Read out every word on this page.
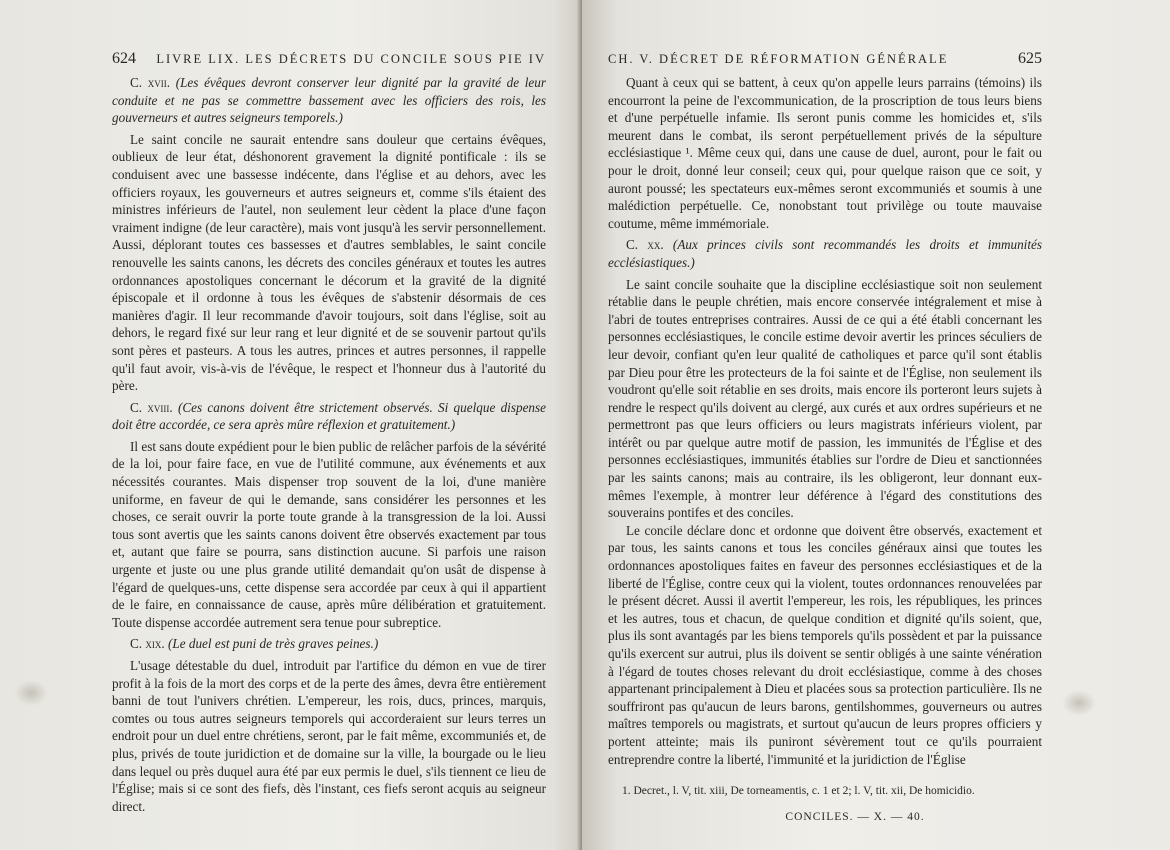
624 LIVRE LIX. LES DÉCRETS DU CONCILE SOUS PIE IV

C. xvii. (Les évêques devront conserver leur dignité par la gravité de leur conduite et ne pas se commettre bassement avec les officiers des rois, les gouverneurs et autres seigneurs temporels.)

Le saint concile ne saurait entendre sans douleur que certains évêques, oublieux de leur état, déshonorent gravement la dignité pontificale : ils se conduisent avec une bassesse indécente, dans l'église et au dehors, avec les officiers royaux, les gouverneurs et autres seigneurs et, comme s'ils étaient des ministres inférieurs de l'autel, non seulement leur cèdent la place d'une façon vraiment indigne (de leur caractère), mais vont jusqu'à les servir personnellement. Aussi, déplorant toutes ces bassesses et d'autres semblables, le saint concile renouvelle les saints canons, les décrets des conciles généraux et toutes les autres ordonnances apostoliques concernant le décorum et la gravité de la dignité épiscopale et il ordonne à tous les évêques de s'abstenir désormais de ces manières d'agir. Il leur recommande d'avoir toujours, soit dans l'église, soit au dehors, le regard fixé sur leur rang et leur dignité et de se souvenir partout qu'ils sont pères et pasteurs. A tous les autres, princes et autres personnes, il rappelle qu'il faut avoir, vis-à-vis de l'évêque, le respect et l'honneur dus à l'autorité du père.

C. xviii. (Ces canons doivent être strictement observés. Si quelque dispense doit être accordée, ce sera après mûre réflexion et gratuitement.)

Il est sans doute expédient pour le bien public de relâcher parfois de la sévérité de la loi, pour faire face, en vue de l'utilité commune, aux événements et aux nécessités courantes. Mais dispenser trop souvent de la loi, d'une manière uniforme, en faveur de qui le demande, sans considérer les personnes et les choses, ce serait ouvrir la porte toute grande à la transgression de la loi. Aussi tous sont avertis que les saints canons doivent être observés exactement par tous et, autant que faire se pourra, sans distinction aucune. Si parfois une raison urgente et juste ou une plus grande utilité demandait qu'on usât de dispense à l'égard de quelques-uns, cette dispense sera accordée par ceux à qui il appartient de le faire, en connaissance de cause, après mûre délibération et gratuitement. Toute dispense accordée autrement sera tenue pour subreptice.

C. xix. (Le duel est puni de très graves peines.)

L'usage détestable du duel, introduit par l'artifice du démon en vue de tirer profit à la fois de la mort des corps et de la perte des âmes, devra être entièrement banni de tout l'univers chrétien. L'empereur, les rois, ducs, princes, marquis, comtes ou tous autres seigneurs temporels qui accorderaient sur leurs terres un endroit pour un duel entre chrétiens, seront, par le fait même, excommuniés et, de plus, privés de toute juridiction et de domaine sur la ville, la bourgade ou le lieu dans lequel ou près duquel aura été par eux permis le duel, s'ils tiennent ce lieu de l'Église; mais si ce sont des fiefs, dès l'instant, ces fiefs seront acquis au seigneur direct.

CH. V. DÉCRET DE RÉFORMATION GÉNÉRALE	625

Quant à ceux qui se battent, à ceux qu'on appelle leurs parrains (témoins) ils encourront la peine de l'excommunication, de la proscription de tous leurs biens et d'une perpétuelle infamie. Ils seront punis comme les homicides et, s'ils meurent dans le combat, ils seront perpétuellement privés de la sépulture ecclésiastique ¹. Même ceux qui, dans une cause de duel, auront, pour le fait ou pour le droit, donné leur conseil; ceux qui, pour quelque raison que ce soit, y auront poussé; les spectateurs eux-mêmes seront excommuniés et soumis à une malédiction perpétuelle. Ce, nonobstant tout privilège ou toute mauvaise coutume, même immémoriale.

C. xx. (Aux princes civils sont recommandés les droits et immunités ecclésiastiques.)

Le saint concile souhaite que la discipline ecclésiastique soit non seulement rétablie dans le peuple chrétien, mais encore conservée intégralement et mise à l'abri de toutes entreprises contraires. Aussi de ce qui a été établi concernant les personnes ecclésiastiques, le concile estime devoir avertir les princes séculiers de leur devoir, confiant qu'en leur qualité de catholiques et parce qu'il sont établis par Dieu pour être les protecteurs de la foi sainte et de l'Église, non seulement ils voudront qu'elle soit rétablie en ses droits, mais encore ils porteront leurs sujets à rendre le respect qu'ils doivent au clergé, aux curés et aux ordres supérieurs et ne permettront pas que leurs officiers ou leurs magistrats inférieurs violent, par intérêt ou par quelque autre motif de passion, les immunités de l'Église et des personnes ecclésiastiques, immunités établies sur l'ordre de Dieu et sanctionnées par les saints canons; mais au contraire, ils les obligeront, leur donnant eux-mêmes l'exemple, à montrer leur déférence à l'égard des constitutions des souverains pontifes et des conciles.

Le concile déclare donc et ordonne que doivent être observés, exactement et par tous, les saints canons et tous les conciles généraux ainsi que toutes les ordonnances apostoliques faites en faveur des personnes ecclésiastiques et de la liberté de l'Église, contre ceux qui la violent, toutes ordonnances renouvelées par le présent décret. Aussi il avertit l'empereur, les rois, les républiques, les princes et les autres, tous et chacun, de quelque condition et dignité qu'ils soient, que, plus ils sont avantagés par les biens temporels qu'ils possèdent et par la puissance qu'ils exercent sur autrui, plus ils doivent se sentir obligés à une sainte vénération à l'égard de toutes choses relevant du droit ecclésiastique, comme à des choses appartenant principalement à Dieu et placées sous sa protection particulière. Ils ne souffriront pas qu'aucun de leurs barons, gentilshommes, gouverneurs ou autres maîtres temporels ou magistrats, et surtout qu'aucun de leurs propres officiers y portent atteinte; mais ils puniront sévèrement tout ce qu'ils pourraient entreprendre contre la liberté, l'immunité et la juridiction de l'Église

1. Decret., l. V, tit. xiii, De torneamentis, c. 1 et 2; l. V, tit. xii, De homicidio.

CONCILES. — X. — 40.
